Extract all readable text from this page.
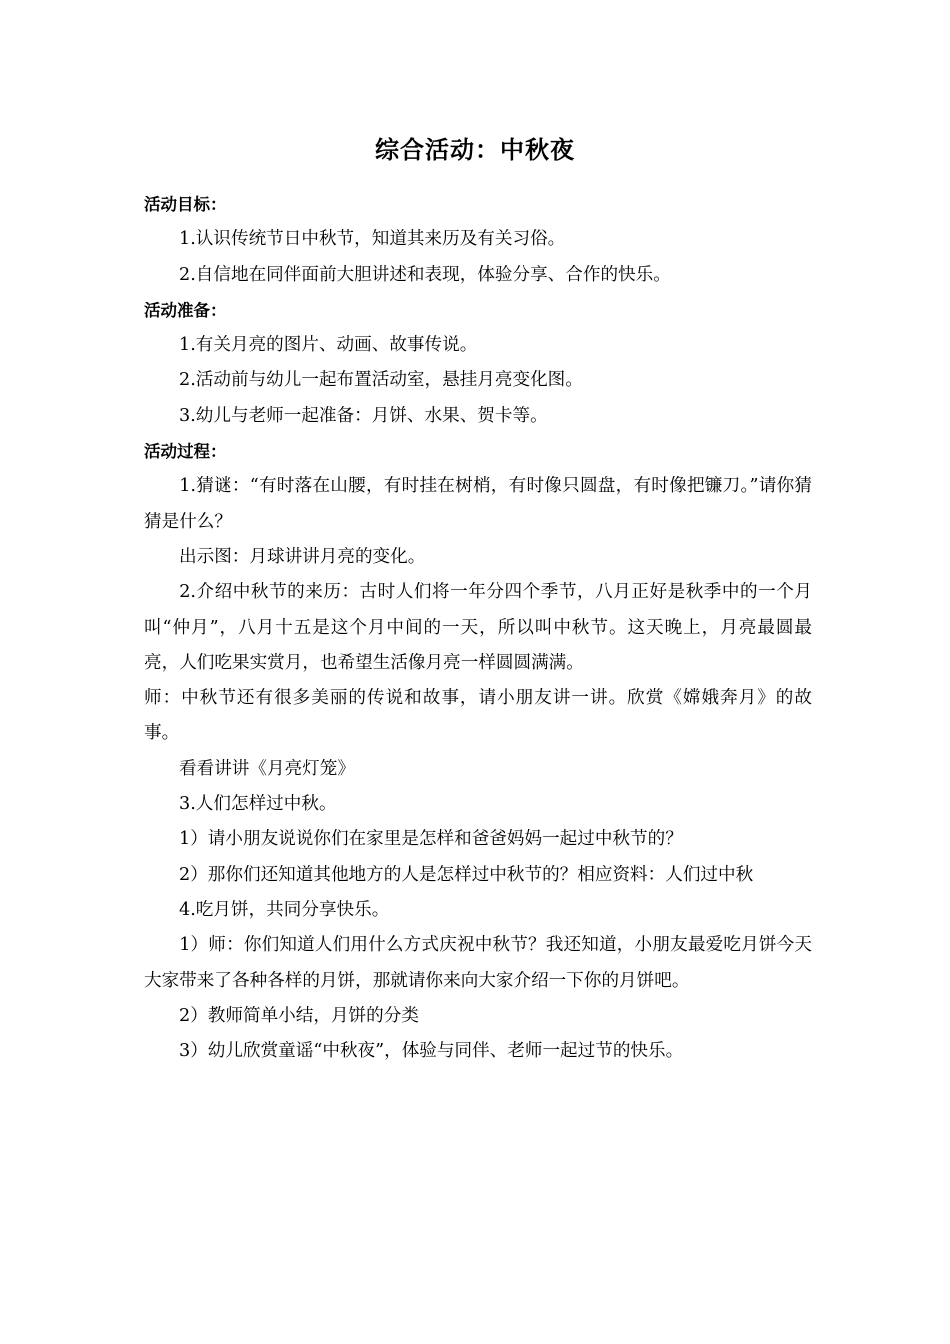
综合活动：中秋夜
活动目标：
1.认识传统节日中秋节，知道其来历及有关习俗。
2.自信地在同伴面前大胆讲述和表现，体验分享、合作的快乐。
活动准备：
1.有关月亮的图片、动画、故事传说。
2.活动前与幼儿一起布置活动室，悬挂月亮变化图。
3.幼儿与老师一起准备：月饼、水果、贺卡等。
活动过程：
1.猜谜：“有时落在山腰，有时挂在树梢，有时像只圆盘，有时像把镰刀。”请你猜猜是什么？
出示图：月球讲讲月亮的变化。
2.介绍中秋节的来历：古时人们将一年分四个季节，八月正好是秋季中的一个月叫“仲月”，八月十五是这个月中间的一天，所以叫中秋节。这天晚上，月亮最圆最亮，人们吃果实赏月，也希望生活像月亮一样圆圆满满。
师：中秋节还有很多美丽的传说和故事，请小朋友讲一讲。欣赏《嫦娥奔月》的故事。
看看讲讲《月亮灯笼》
3.人们怎样过中秋。
1）请小朋友说说你们在家里是怎样和爸爸妈妈一起过中秋节的？
2）那你们还知道其他地方的人是怎样过中秋节的？相应资料：人们过中秋
4.吃月饼，共同分享快乐。
1）师：你们知道人们用什么方式庆祝中秋节？我还知道，小朋友最爱吃月饼今天大家带来了各种各样的月饼，那就请你来向大家介绍一下你的月饼吧。
2）教师简单小结，月饼的分类
3）幼儿欣赏童谣“中秋夜”，体验与同伴、老师一起过节的快乐。
